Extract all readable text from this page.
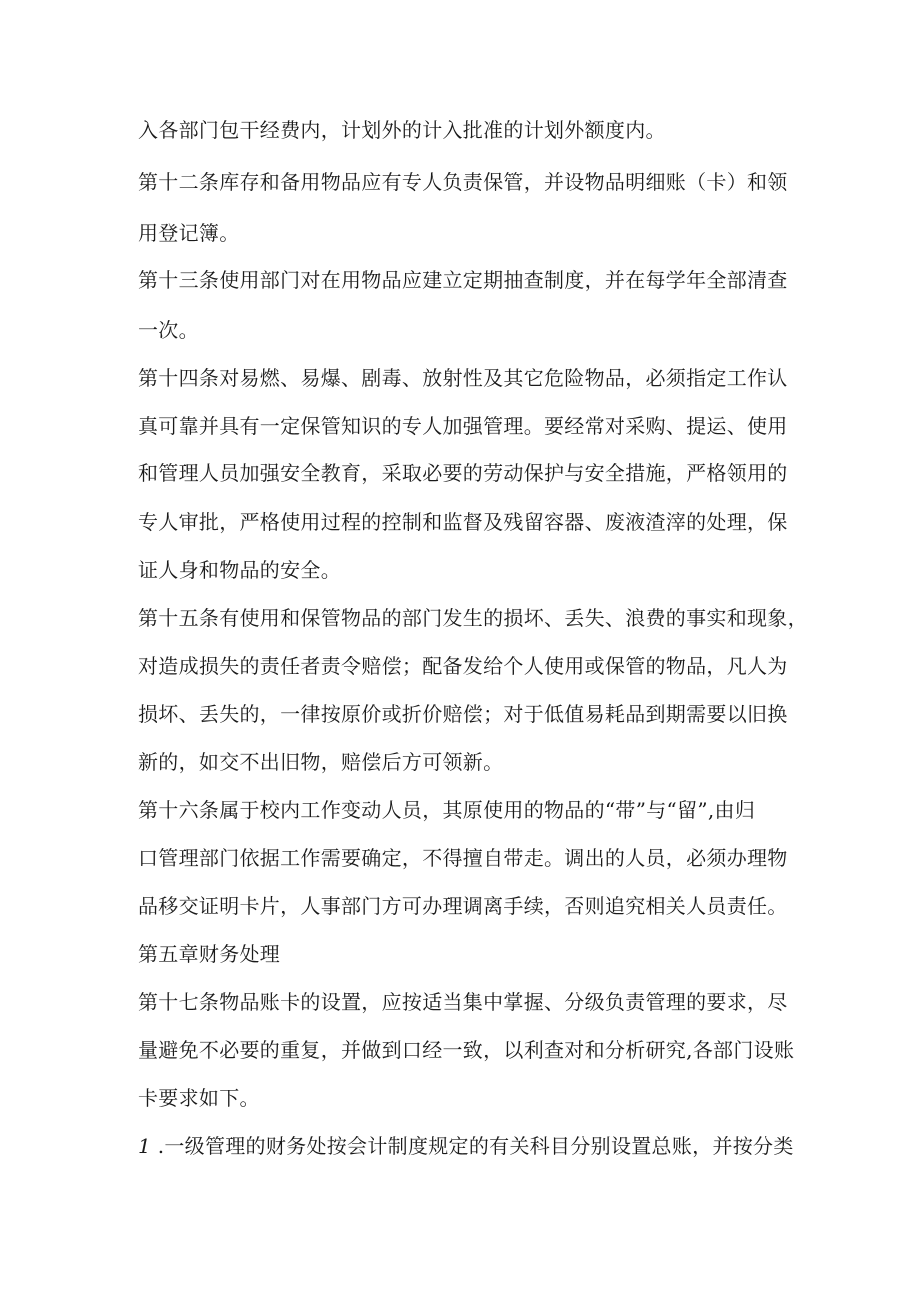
入各部门包干经费内，计划外的计入批准的计划外额度内。
第十二条库存和备用物品应有专人负责保管，并设物品明细账（卡）和领
用登记簿。
第十三条使用部门对在用物品应建立定期抽查制度，并在每学年全部清查
一次。
第十四条对易燃、易爆、剧毒、放射性及其它危险物品，必须指定工作认
真可靠并具有一定保管知识的专人加强管理。要经常对采购、提运、使用
和管理人员加强安全教育，采取必要的劳动保护与安全措施，严格领用的
专人审批，严格使用过程的控制和监督及残留容器、废液渣滓的处理，保
证人身和物品的安全。
第十五条有使用和保管物品的部门发生的损坏、丢失、浪费的事实和现象，
对造成损失的责任者责令赔偿；配备发给个人使用或保管的物品，凡人为
损坏、丢失的，一律按原价或折价赔偿；对于低值易耗品到期需要以旧换
新的，如交不出旧物，赔偿后方可领新。
第十六条属于校内工作变动人员，其原使用的物品的“带”与“留”,由归
口管理部门依据工作需要确定，不得擅自带走。调出的人员，必须办理物
品移交证明卡片，人事部门方可办理调离手续，否则追究相关人员责任。
第五章财务处理
第十七条物品账卡的设置，应按适当集中掌握、分级负责管理的要求，尽
量避免不必要的重复，并做到口经一致，以利查对和分析研究,各部门设账
卡要求如下。
1 .一级管理的财务处按会计制度规定的有关科目分别设置总账，并按分类
